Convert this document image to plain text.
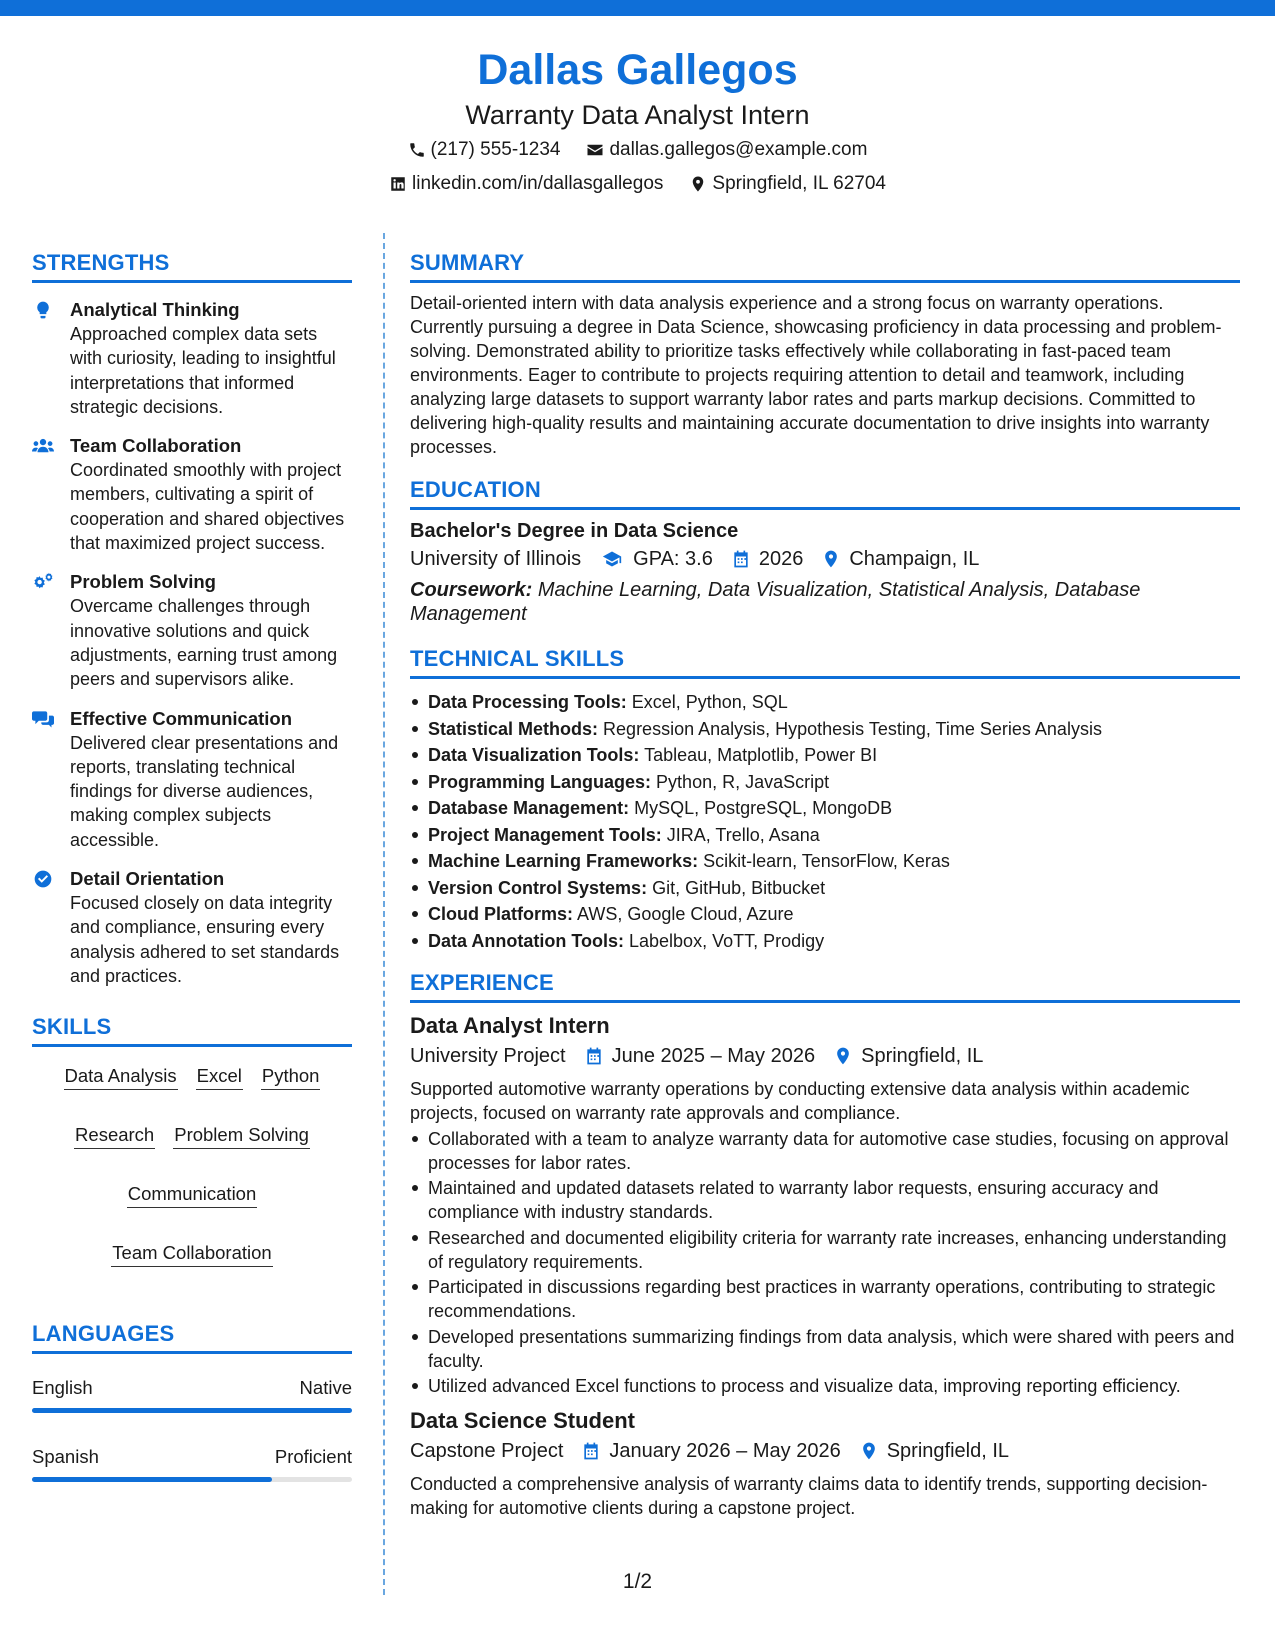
Dallas Gallegos
Warranty Data Analyst Intern
(217) 555-1234	dallas.gallegos@example.com
linkedin.com/in/dallasgallegos	Springfield, IL 62704
STRENGTHS
Analytical Thinking
Approached complex data sets with curiosity, leading to insightful interpretations that informed strategic decisions.
Team Collaboration
Coordinated smoothly with project members, cultivating a spirit of cooperation and shared objectives that maximized project success.
Problem Solving
Overcame challenges through innovative solutions and quick adjustments, earning trust among peers and supervisors alike.
Effective Communication
Delivered clear presentations and reports, translating technical findings for diverse audiences, making complex subjects accessible.
Detail Orientation
Focused closely on data integrity and compliance, ensuring every analysis adhered to set standards and practices.
SKILLS
Data Analysis Excel Python
Research Problem Solving
Communication
Team Collaboration
LANGUAGES
English	Native
Spanish	Proficient
SUMMARY
Detail-oriented intern with data analysis experience and a strong focus on warranty operations. Currently pursuing a degree in Data Science, showcasing proficiency in data processing and problem-solving. Demonstrated ability to prioritize tasks effectively while collaborating in fast-paced team environments. Eager to contribute to projects requiring attention to detail and teamwork, including analyzing large datasets to support warranty labor rates and parts markup decisions. Committed to delivering high-quality results and maintaining accurate documentation to drive insights into warranty processes.
EDUCATION
Bachelor's Degree in Data Science
University of Illinois	GPA: 3.6 2026 Champaign, IL
Coursework: Machine Learning, Data Visualization, Statistical Analysis, Database Management
TECHNICAL SKILLS
Data Processing Tools: Excel, Python, SQL
Statistical Methods: Regression Analysis, Hypothesis Testing, Time Series Analysis
Data Visualization Tools: Tableau, Matplotlib, Power BI
Programming Languages: Python, R, JavaScript
Database Management: MySQL, PostgreSQL, MongoDB
Project Management Tools: JIRA, Trello, Asana
Machine Learning Frameworks: Scikit-learn, TensorFlow, Keras
Version Control Systems: Git, GitHub, Bitbucket
Cloud Platforms: AWS, Google Cloud, Azure
Data Annotation Tools: Labelbox, VoTT, Prodigy
EXPERIENCE
Data Analyst Intern
University Project June 2025 – May 2026 Springfield, IL
Supported automotive warranty operations by conducting extensive data analysis within academic projects, focused on warranty rate approvals and compliance.
Collaborated with a team to analyze warranty data for automotive case studies, focusing on approval processes for labor rates.
Maintained and updated datasets related to warranty labor requests, ensuring accuracy and compliance with industry standards.
Researched and documented eligibility criteria for warranty rate increases, enhancing understanding of regulatory requirements.
Participated in discussions regarding best practices in warranty operations, contributing to strategic recommendations.
Developed presentations summarizing findings from data analysis, which were shared with peers and faculty.
Utilized advanced Excel functions to process and visualize data, improving reporting efficiency.
Data Science Student
Capstone Project January 2026 – May 2026 Springfield, IL
Conducted a comprehensive analysis of warranty claims data to identify trends, supporting decision-making for automotive clients during a capstone project.
1/2
